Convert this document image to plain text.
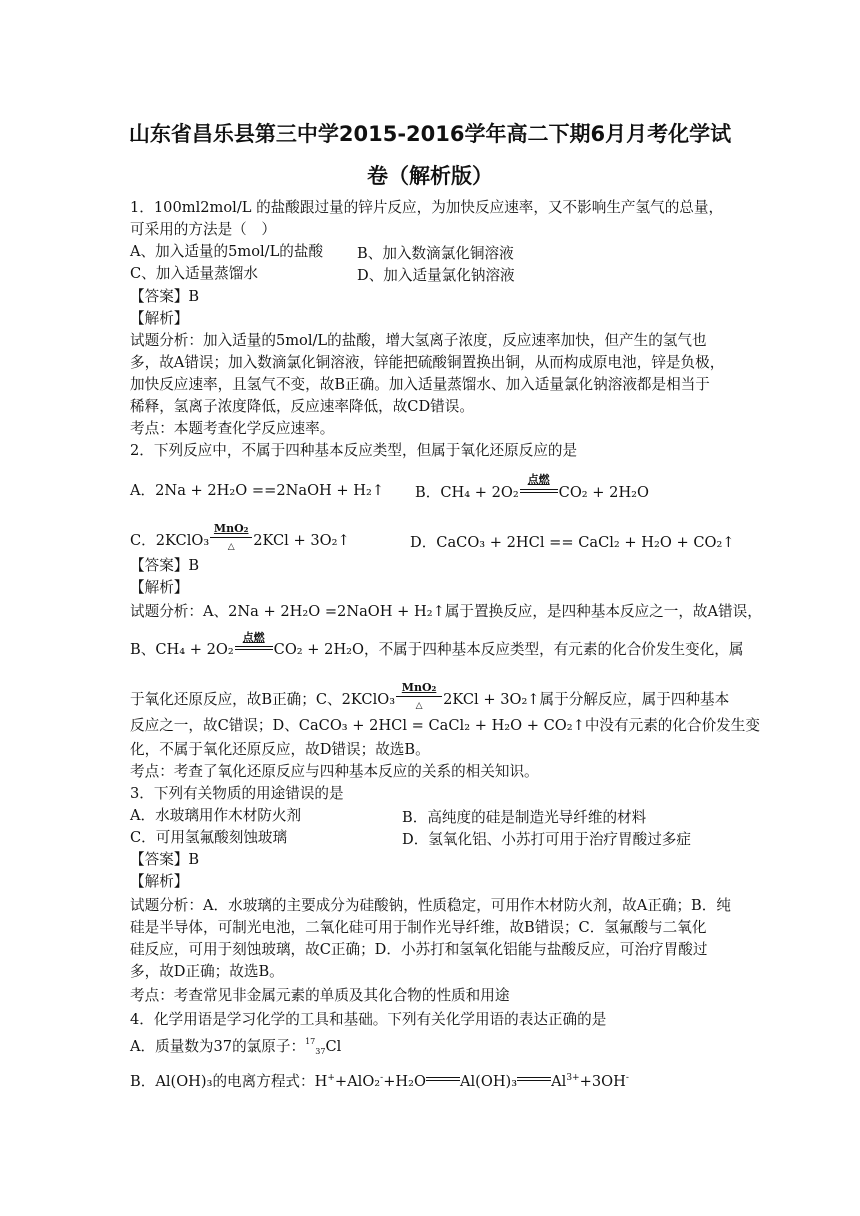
山东省昌乐县第三中学2015-2016学年高二下期6月月考化学试
卷（解析版）
1．100ml2mol/L 的盐酸跟过量的锌片反应，为加快反应速率，又不影响生产氢气的总量，
可采用的方法是（　）
A、加入适量的5mol/L的盐酸 B、加入数滴氯化铜溶液
C、加入适量蒸馏水	D、加入适量氯化钠溶液
【答案】B
【解析】
试题分析：加入适量的5mol/L的盐酸，增大氢离子浓度，反应速率加快，但产生的氢气也
多，故A错误；加入数滴氯化铜溶液，锌能把硫酸铜置换出铜，从而构成原电池，锌是负极，
加快反应速率，且氢气不变，故B正确。加入适量蒸馏水、加入适量氯化钠溶液都是相当于
稀释，氢离子浓度降低，反应速率降低，故CD错误。
考点：本题考查化学反应速率。
2．下列反应中，不属于四种基本反应类型，但属于氧化还原反应的是
A．2Na + 2H₂O ==2NaOH + H₂↑ B．CH₄ + 2O₂
点燃
CO₂ + 2H₂O
C．2KClO₃
MnO₂
△	2KCl + 3O₂↑	D．CaCO₃ + 2HCl == CaCl₂ + H₂O + CO₂↑
【答案】B
【解析】
试题分析：A、2Na + 2H₂O =2NaOH + H₂↑属于置换反应，是四种基本反应之一，故A错误，
B、CH₄ + 2O₂
点燃
CO₂ + 2H₂O，不属于四种基本反应类型，有元素的化合价发生变化，属
于氧化还原反应，故B正确；C、2KClO₃
MnO₂
△	2KCl + 3O₂↑属于分解反应，属于四种基本
反应之一，故C错误；D、CaCO₃ + 2HCl = CaCl₂ + H₂O + CO₂↑中没有元素的化合价发生变
化，不属于氧化还原反应，故D错误；故选B。
考点：考查了氧化还原反应与四种基本反应的关系的相关知识。
3．下列有关物质的用途错误的是
A．水玻璃用作木材防火剂	B．高纯度的硅是制造光导纤维的材料
C．可用氢氟酸刻蚀玻璃	D．氢氧化铝、小苏打可用于治疗胃酸过多症
【答案】B
【解析】
试题分析：A．水玻璃的主要成分为硅酸钠，性质稳定，可用作木材防火剂，故A正确；B．纯
硅是半导体，可制光电池，二氧化硅可用于制作光导纤维，故B错误；C．氢氟酸与二氧化
硅反应，可用于刻蚀玻璃，故C正确；D．小苏打和氢氧化铝能与盐酸反应，可治疗胃酸过
多，故D正确；故选B。
考点：考查常见非金属元素的单质及其化合物的性质和用途
4．化学用语是学习化学的工具和基础。下列有关化学用语的表达正确的是
A．质量数为37的氯原子：$^{17}_{37}$Cl
B．Al(OH)₃的电离方程式：H++AlO₂-+H₂O Al(OH)₃ $Al^{3+}+3OH^-$
